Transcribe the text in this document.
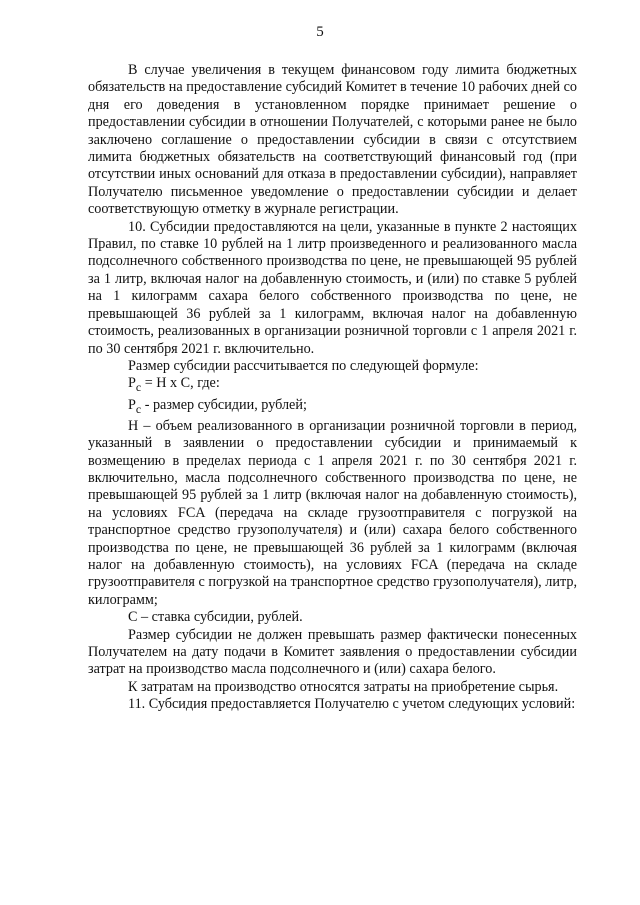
5

В случае увеличения в текущем финансовом году лимита бюджетных обязательств на предоставление субсидий Комитет в течение 10 рабочих дней со дня его доведения в установленном порядке принимает решение о предоставлении субсидии в отношении Получателей, с которыми ранее не было заключено соглашение о предоставлении субсидии в связи с отсутствием лимита бюджетных обязательств на соответствующий финансовый год (при отсутствии иных оснований для отказа в предоставлении субсидии), направляет Получателю письменное уведомление о предоставлении субсидии и делает соответствующую отметку в журнале регистрации.

10. Субсидии предоставляются на цели, указанные в пункте 2 настоящих Правил, по ставке 10 рублей на 1 литр произведенного и реализованного масла подсолнечного собственного производства по цене, не превышающей 95 рублей за 1 литр, включая налог на добавленную стоимость, и (или) по ставке 5 рублей на 1 килограмм сахара белого собственного производства по цене, не превышающей 36 рублей за 1 килограмм, включая налог на добавленную стоимость, реализованных в организации розничной торговли с 1 апреля 2021 г. по 30 сентября 2021 г. включительно.

Размер субсидии рассчитывается по следующей формуле:

$Р_с = Н$ х С, где:

$Р_с$ - размер субсидии, рублей;

Н – объем реализованного в организации розничной торговли в период, указанный в заявлении о предоставлении субсидии и принимаемый к возмещению в пределах периода с 1 апреля 2021 г. по 30 сентября 2021 г. включительно, масла подсолнечного собственного производства по цене, не превышающей 95 рублей за 1 литр (включая налог на добавленную стоимость), на условиях FCA (передача на складе грузоотправителя с погрузкой на транспортное средство грузополучателя) и (или) сахара белого собственного производства по цене, не превышающей 36 рублей за 1 килограмм (включая налог на добавленную стоимость), на условиях FCA (передача на складе грузоотправителя с погрузкой на транспортное средство грузополучателя), литр, килограмм;

С – ставка субсидии, рублей.

Размер субсидии не должен превышать размер фактически понесенных Получателем на дату подачи в Комитет заявления о предоставлении субсидии затрат на производство масла подсолнечного и (или) сахара белого.

К затратам на производство относятся затраты на приобретение сырья.

11. Субсидия предоставляется Получателю с учетом следующих условий:
